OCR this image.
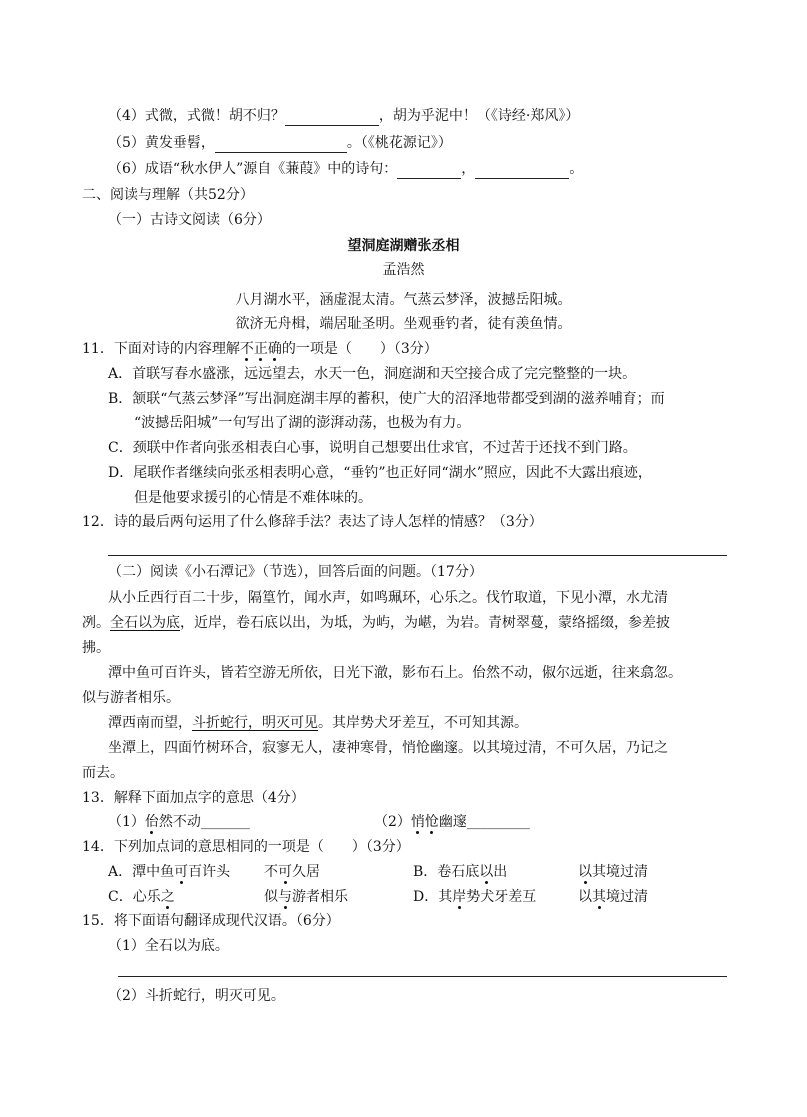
（4）式微，式微！胡不归？	，胡为乎泥中！（《诗经·郑风》）
（5）黄发垂髫，	。（《桃花源记》）
（6）成语“秋水伊人”源自《蒹葭》中的诗句：	，	。
二、阅读与理解（共52分）
（一）古诗文阅读（6分）
望洞庭湖赠张丞相
孟浩然
八月湖水平，涵虚混太清。气蒸云梦泽，波撼岳阳城。
欲济无舟楫，端居耻圣明。坐观垂钓者，徒有羡鱼情。
11．下面对诗的内容理解不正确的一项是（　　）（3分）
A．首联写春水盛涨，远远望去，水天一色，洞庭湖和天空接合成了完完整整的一块。
B．颔联“气蒸云梦泽”写出洞庭湖丰厚的蓄积，使广大的沼泽地带都受到湖的滋养哺育；而
“波撼岳阳城”一句写出了湖的澎湃动荡，也极为有力。
C．颈联中作者向张丞相表白心事，说明自己想要出仕求官，不过苦于还找不到门路。
D．尾联作者继续向张丞相表明心意，“垂钓”也正好同“湖水”照应，因此不大露出痕迹，
但是他要求援引的心情是不难体味的。
12．诗的最后两句运用了什么修辞手法？表达了诗人怎样的情感？（3分）
（二）阅读《小石潭记》（节选），回答后面的问题。（17分）
从小丘西行百二十步，隔篁竹，闻水声，如鸣珮环，心乐之。伐竹取道，下见小潭，水尤清
冽。全石以为底，近岸，卷石底以出，为坻，为屿，为嵁，为岩。青树翠蔓，蒙络摇缀，参差披
拂。
潭中鱼可百许头，皆若空游无所依，日光下澈，影布石上。佁然不动，俶尔远逝，往来翕忽。
似与游者相乐。
潭西南而望，斗折蛇行，明灭可见。其岸势犬牙差互，不可知其源。
坐潭上，四面竹树环合，寂寥无人，凄神寒骨，悄怆幽邃。以其境过清，不可久居，乃记之
而去。
13．解释下面加点字的意思（4分）
（1）佁然不动_______	（2）悄怆幽邃_________
14．下列加点词的意思相同的一项是（　　）（3分）
A．潭中鱼可百许头 不可久居	B．卷石底以出	以其境过清
C．心乐之	似与游者相乐	D．其岸势犬牙差互	以其境过清
15．将下面语句翻译成现代汉语。（6分）
（1）全石以为底。
（2）斗折蛇行，明灭可见。
